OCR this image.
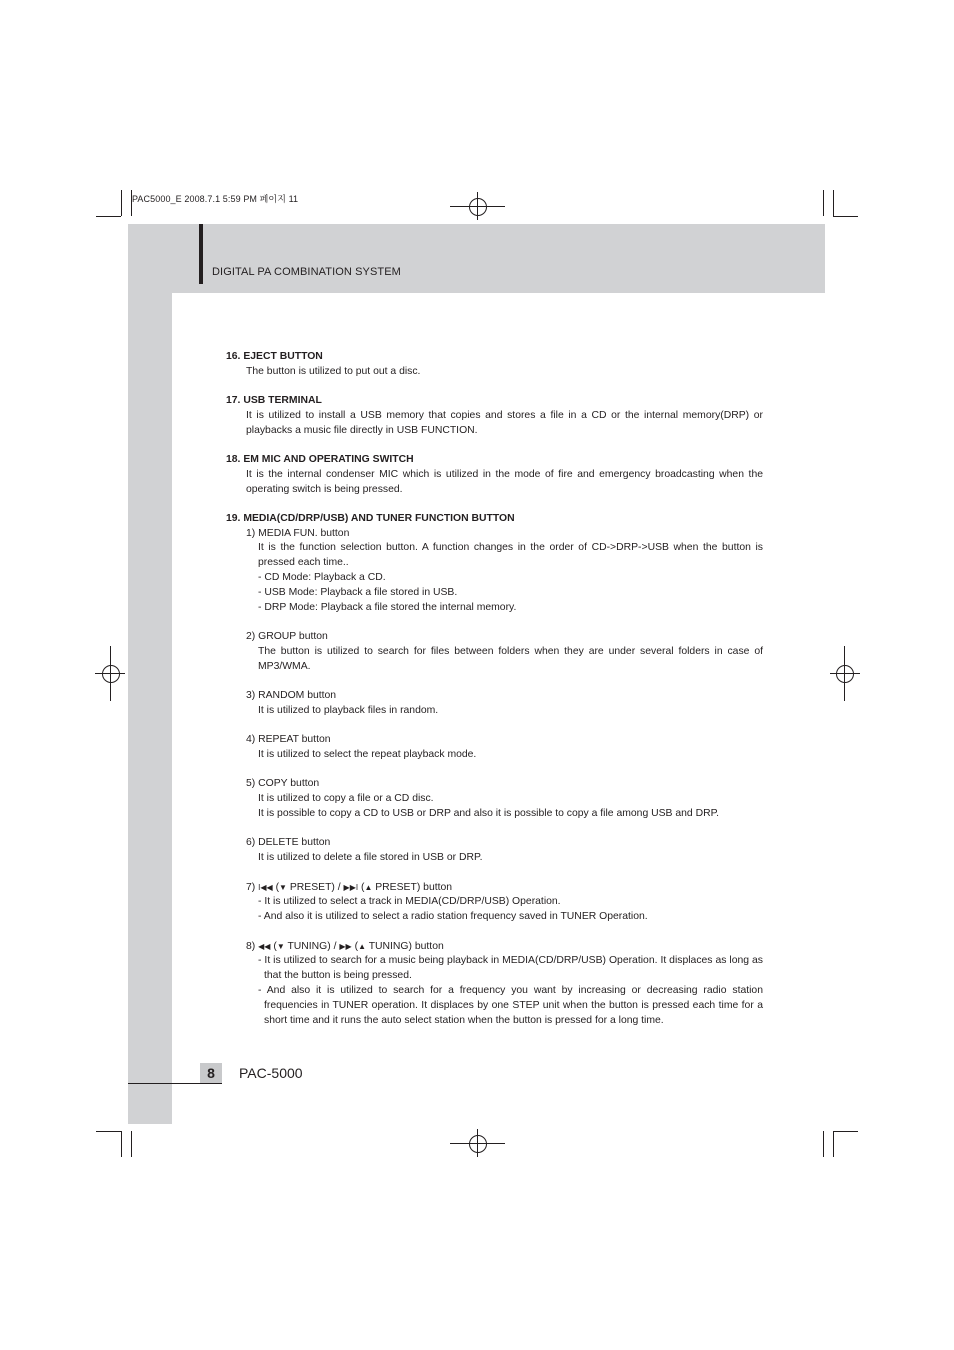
PAC5000_E 2008.7.1 5:59 PM 페이지 11
DIGITAL PA COMBINATION SYSTEM
16. EJECT BUTTON
The button is utilized to put out a disc.
17. USB TERMINAL
It is utilized to install a USB memory that copies and stores a file in a CD or the internal memory(DRP) or playbacks a music file directly in USB FUNCTION.
18. EM MIC AND OPERATING SWITCH
It is the internal condenser MIC which is utilized in the mode of fire and emergency broadcasting when the operating switch is being pressed.
19. MEDIA(CD/DRP/USB) AND TUNER FUNCTION BUTTON
1) MEDIA FUN. button
It is the function selection button. A function changes in the order of CD->DRP->USB when the button is pressed each time..
- CD Mode: Playback a CD.
- USB Mode: Playback a file stored in USB.
- DRP Mode: Playback a file stored the internal memory.
2) GROUP button
The button is utilized to search for files between folders when they are under several folders in case of MP3/WMA.
3) RANDOM button
It is utilized to playback files in random.
4) REPEAT button
It is utilized to select the repeat playback mode.
5) COPY button
It is utilized to copy a file or a CD disc.
It is possible to copy a CD to USB or DRP and also it is possible to copy a file among USB and DRP.
6) DELETE button
It is utilized to delete a file stored in USB or DRP.
7) I◀◀ (▼ PRESET) / ▶▶I (▲ PRESET) button
- It is utilized to select a track in MEDIA(CD/DRP/USB) Operation.
- And also it is utilized to select a radio station frequency saved in TUNER Operation.
8) ◀◀ (▼ TUNING) / ▶▶ (▲ TUNING) button
- It is utilized to search for a music being playback in MEDIA(CD/DRP/USB) Operation. It displaces as long as that the button is being pressed.
- And also it is utilized to search for a frequency you want by increasing or decreasing radio station frequencies in TUNER operation. It displaces by one STEP unit when the button is pressed each time for a short time and it runs the auto select station when the button is pressed for a long time.
8	PAC-5000
